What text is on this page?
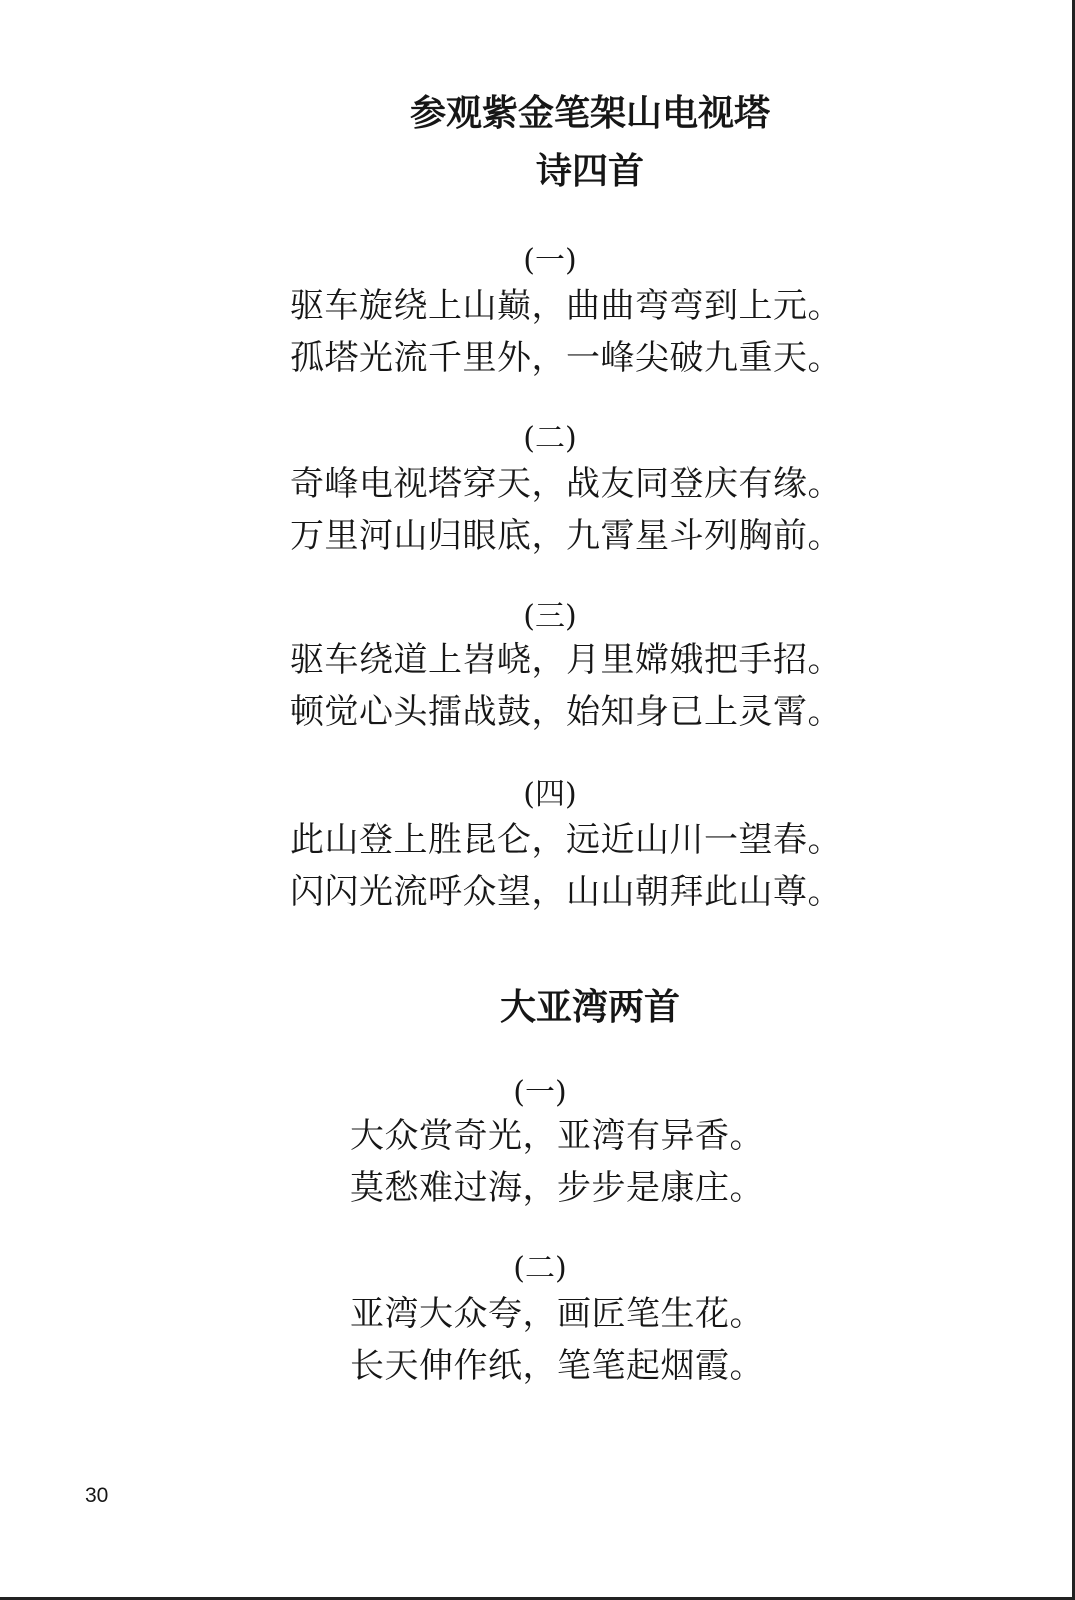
参观紫金笔架山电视塔
诗四首
(一)
驱车旋绕上山巅，曲曲弯弯到上元。
孤塔光流千里外，一峰尖破九重天。
(二)
奇峰电视塔穿天，战友同登庆有缘。
万里河山归眼底，九霄星斗列胸前。
(三)
驱车绕道上岧峣，月里嫦娥把手招。
顿觉心头擂战鼓，始知身已上灵霄。
(四)
此山登上胜昆仑，远近山川一望春。
闪闪光流呼众望，山山朝拜此山尊。
大亚湾两首
(一)
大众赏奇光，亚湾有异香。
莫愁难过海，步步是康庄。
(二)
亚湾大众夸，画匠笔生花。
长天伸作纸，笔笔起烟霞。
30
